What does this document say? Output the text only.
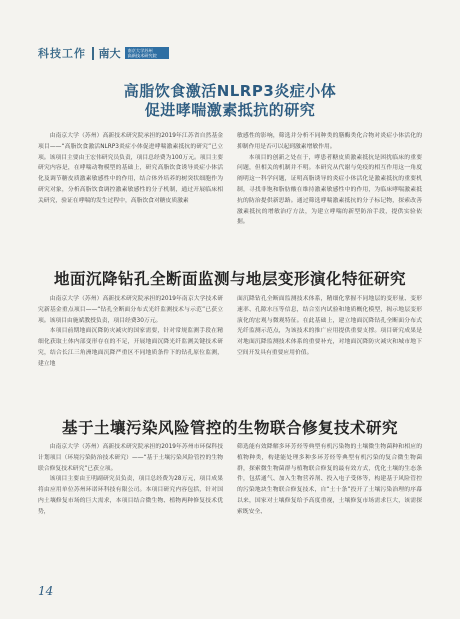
科技工作 南大	南京大学苏州
高新技术研究院
高脂饮食激活NLRP3炎症小体
促进哮喘激素抵抗的研究

由南京大学（苏州）高新技术研究院承担的2019年江苏省自然基金项目——“高脂饮食激活NLRP3炎症小体促进哮喘激素抵抗的研究”已立项。该项目主要由王宏伟研究员负责，项目总经费为100万元。项目主要研究内容是，在哮喘动物模型的基础上，研究高脂饮食诱导炎症小体活化及调节糖皮质激素敏感性中的作用，结合体外培养的树突状细胞作为研究对象，分析高脂饮食调控激素敏感性的分子机制，通过开展临床相关研究，验证在哮喘的发生过程中，高脂饮食对糖皮质激素

敏感性的影响，筛选并分析不同种类的膳酶类化合物对炎症小体活化的抑制作用是否可以起到激素增敏作用。

本项目的创新之处在于，哮患者糖皮质激素抵抗是困扰临床的重要问题，但相关的机制并不明。本研究从代谢与免疫的相互作用这一角度阐明这一科学问题，证明高脂诱导的炎症小体活化是激素抵抗的重要机制，寻找非饱和脂肪酸在维持激素敏感性中的作用，为临床哮喘激素抵抗的防治提供新思路。通过筛选哮喘激素抵抗的分子标记物，探索改善激素抵抗的增敏治疗方法，为建立哮喘的新型防治手段，提供实验依据。

地面沉降钻孔全断面监测与地层变形演化特征研究

由南京大学（苏州）高新技术研究院承担的2019年南京大学技术研究新基金重点项目——“钻孔全断面分布式光纤监测技术与示范”已获立项。该项目由施斌教授负责，项目经费30万元。

本项目前期地面沉降防灾减灾的国家需要，针对常规监测手段在精细化获取土体内部变形存在的不足，开展地面沉降光纤监测关键技术研究，结合长江三角洲地面沉降严重区不同地质条件下的钻孔原位监测，建立地

面沉降钻孔全断面监测技术体系，精细化掌握不同地层的变形量、变形速率、孔隙水压等信息，结合室内试验和地质概化模型，揭示地层变形演化的宏观与微观特征。在此基础上，建立地面沉降钻孔全断面分布式光纤监测示范点，为该技术的推广应用提供重要支撑。项目研究成果是对地面沉降监测技术体系的重要补充，对地面沉降防灾减灾和城市地下空间开发具有重要应用价值。

基于土壤污染风险管控的生物联合修复技术研究

由南京大学（苏州）高新技术研究院承担的2019年苏州市环保科技计划项目（环境污染防治技术研究）——“基于土壤污染风险管控的生物联合修复技术研究”已获立项。

该项目主要由王明副研究员负责，项目总经费为28万元，项目成果将由应用单位苏州环诺环科技有限公司。本项目研究内容包括，针对国内土壤修复市场的巨大需求，本项目结合微生物、植物两种修复技术优势，

筛选能有效降解多环芳烃等典型有机污染物的土壤微生物菌种和相应的植物种类，构建能处理多种多环芳烃等典型有机污染的复合微生物菌群，探索微生物菌群与植物联合修复的最有效方式，优化土壤的生态条件，包括通气、加入生物营养剂、投入电子受体等，构建基于风险管控的污染地块生物联合修复技术，自“土十条”投开了土壤污染治理的序幕以来，国家对土壤修复给予高度重视，土壤修复市场需求巨大，该需探索既安全、

14
